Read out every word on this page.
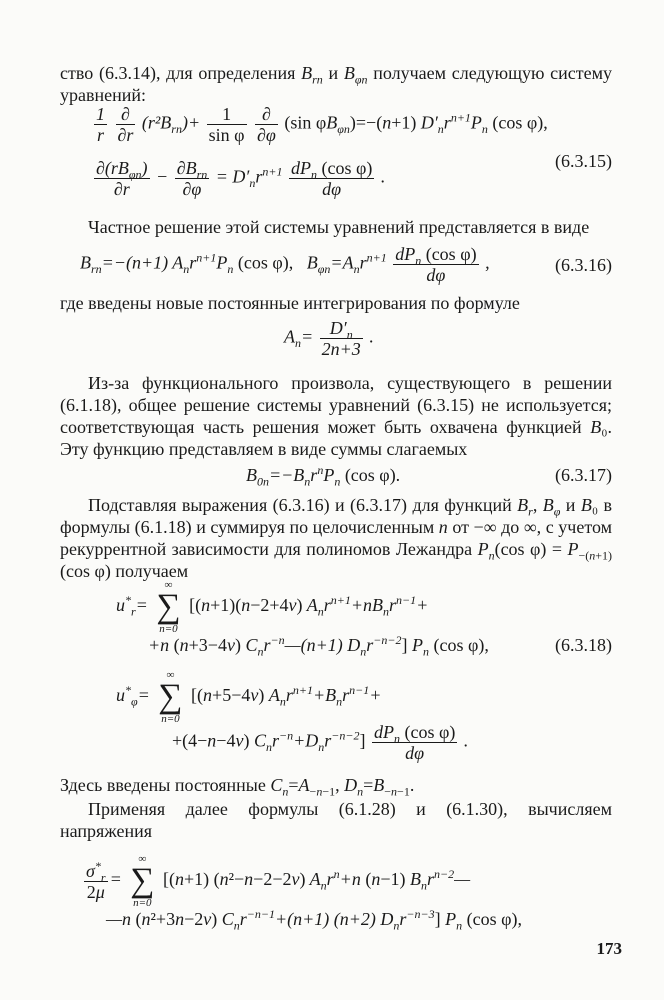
ство (6.3.14), для определения $B_{rn}$ и $B_{\varphi n}$ получаем следующую систему уравнений:

$\frac{1}{r}$
$\frac{\partial}{\partial r} (r^2B_{rn})+ \frac{1}{\text{sin φ}}$
$\frac{\partial}{\partial\varphi} (\sin$ $\varphi B_{\varphi n})=-(n+1)$ $D'_nr^{n+1}P_n$ (cos φ),
(6.3.15)
$\frac{\partial(rB_{\varphi n})}{\partial r} - \frac{\partial B_{rn}}{\partial\varphi} = D'_nr^{n+1} \frac{dP_n (\cos \varphi)}{d\varphi}$ .

Частное решение этой системы уравнений представляется в виде

$B_{rn}=-(n+1)$ $A_nr^{n+1}P_n$ (cos φ),   $B_{\varphi n}=A_nr^{n+1} \frac{dP_n (\cos \varphi)}{d\varphi}$ ,	(6.3.16)

где введены новые постоянные интегрирования по формуле

$A_n= \frac{D'_n}{2n+3}$ .

Из-за функционального произвола, существующего в решении (6.1.18), общее решение системы уравнений (6.3.15) не используется; соответствующая часть решения может быть охвачена функцией B₀. Эту функцию представляем в виде суммы слагаемых

$B_{0n}=-B_nr^nP_n$ (cos φ).	(6.3.17)

Подставляя выражения (6.3.16) и (6.3.17) для функций $B_r$, $B_\varphi$ и B₀ в формулы (6.1.18) и суммируя по целочисленным n от −∞ до ∞, с учетом рекуррентной зависимости для полиномов Лежандра $P_n(\cos$ $\varphi) = P_{-(n+1)}(\cos$ φ) получаем

$u^*_r=$
∞
∑
n=0
[(n+1)(n−2+4ν) $A_nr^{n+1}+nB_nr^{n-1}+$
+n (n+3−4ν) $C_nr^{-n}—(n+1)$ $D_nr^{-n-2}$] $P_n$ (cos φ),	(6.3.18)
$u^*_\varphi=$
∞
∑
n=0
[(n+5−4ν) $A_nr^{n+1}+B_nr^{n-1}+$
+(4−n−4ν) $C_nr^{-n}+D_nr^{-n-2}] \frac{dP_n (\cos \varphi)}{d\varphi}$ .

Здесь введены постоянные $C_n=A_{-n-1}$, $D_n=B_{-n-1}$.

Применяя далее формулы (6.1.28) и (6.1.30), вычисляем напряжения

$\frac{\sigma^*_r}{2\mu}$ =
∞
∑
n=0
[(n+1) (n²−n−2−2ν) $A_nr^n+n$ (n−1) $B_nr^{n-2}—$
—n (n²+3n−2ν) $C_nr^{-n-1}+(n+1)$ (n+2) $D_nr^{-n-3}$] $P_n$ (cos φ),
173
